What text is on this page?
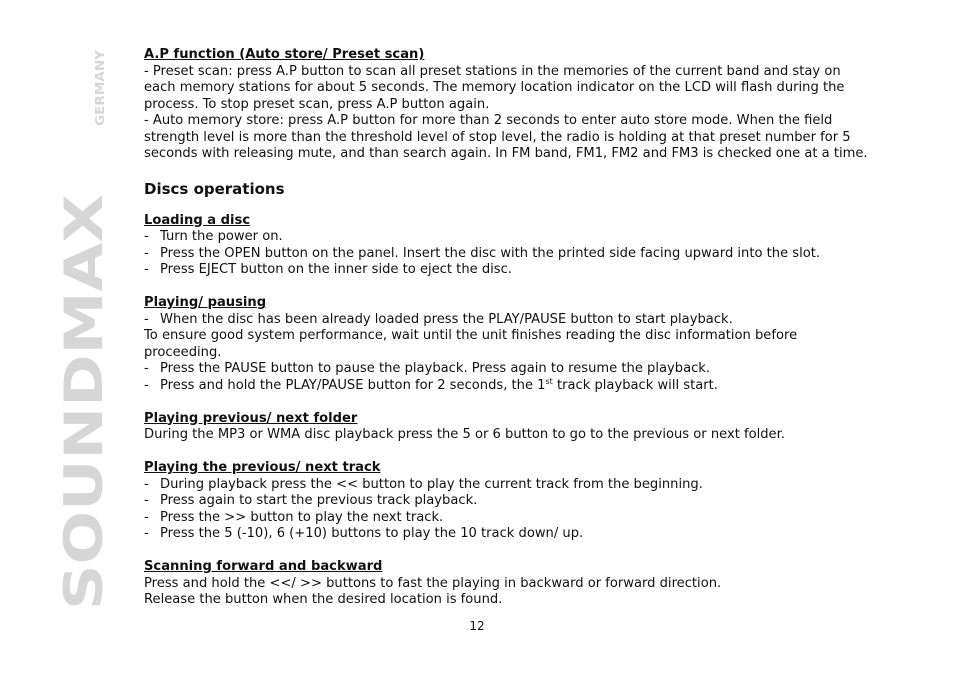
SOUNDMAX
GERMANY

A.P function (Auto store/ Preset scan)

- Preset scan: press A.P button to scan all preset stations in the memories of the current band and stay on

each memory stations for about 5 seconds. The memory location indicator on the LCD will flash during the

process. To stop preset scan, press A.P button again.

- Auto memory store: press A.P button for more than 2 seconds to enter auto store mode. When the field

strength level is more than the threshold level of stop level, the radio is holding at that preset number for 5

seconds with releasing mute, and than search again. In FM band, FM1, FM2 and FM3 is checked one at a time.

Discs operations

Loading a disc

- Turn the power on.
- Press the OPEN button on the panel. Insert the disc with the printed side facing upward into the slot.
- Press EJECT button on the inner side to eject the disc.

Playing/ pausing

- When the disc has been already loaded press the PLAY/PAUSE button to start playback.

To ensure good system performance, wait until the unit finishes reading the disc information before

proceeding.

- Press the PAUSE button to pause the playback. Press again to resume the playback.
- Press and hold the PLAY/PAUSE button for 2 seconds, the 1st track playback will start.

Playing previous/ next folder

During the MP3 or WMA disc playback press the 5 or 6 button to go to the previous or next folder.

Playing the previous/ next track

- During playback press the << button to play the current track from the beginning.
- Press again to start the previous track playback.
- Press the >> button to play the next track.
- Press the 5 (-10), 6 (+10) buttons to play the 10 track down/ up.

Scanning forward and backward

Press and hold the <</ >> buttons to fast the playing in backward or forward direction.

Release the button when the desired location is found.

12
